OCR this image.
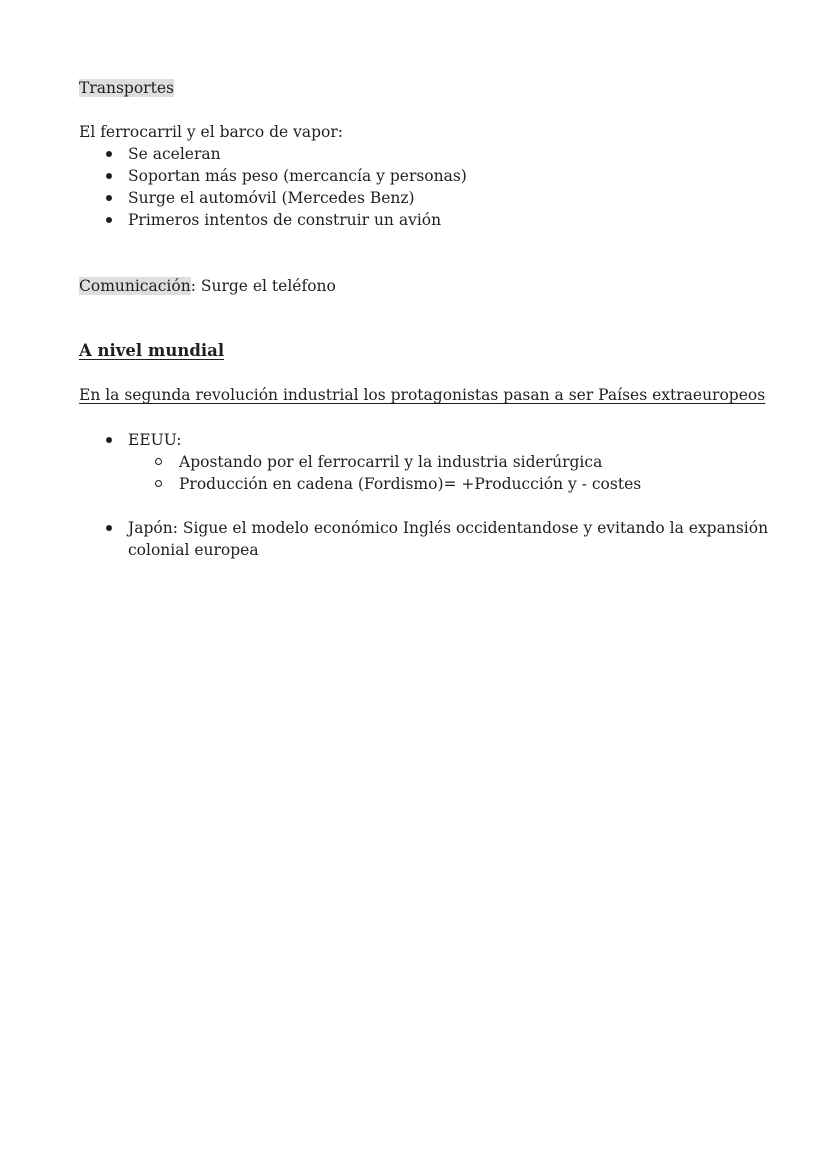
Transportes
El ferrocarril y el barco de vapor:
Se aceleran
Soportan más peso (mercancía y personas)
Surge el automóvil (Mercedes Benz)
Primeros intentos de construir un avión
Comunicación: Surge el teléfono
A nivel mundial
En la segunda revolución industrial los protagonistas pasan a ser Países extraeuropeos
EEUU:
Apostando por el ferrocarril y la industria siderúrgica
Producción en cadena (Fordismo)= +Producción y - costes
Japón: Sigue el modelo económico Inglés occidentandose y evitando la expansión
colonial europea
